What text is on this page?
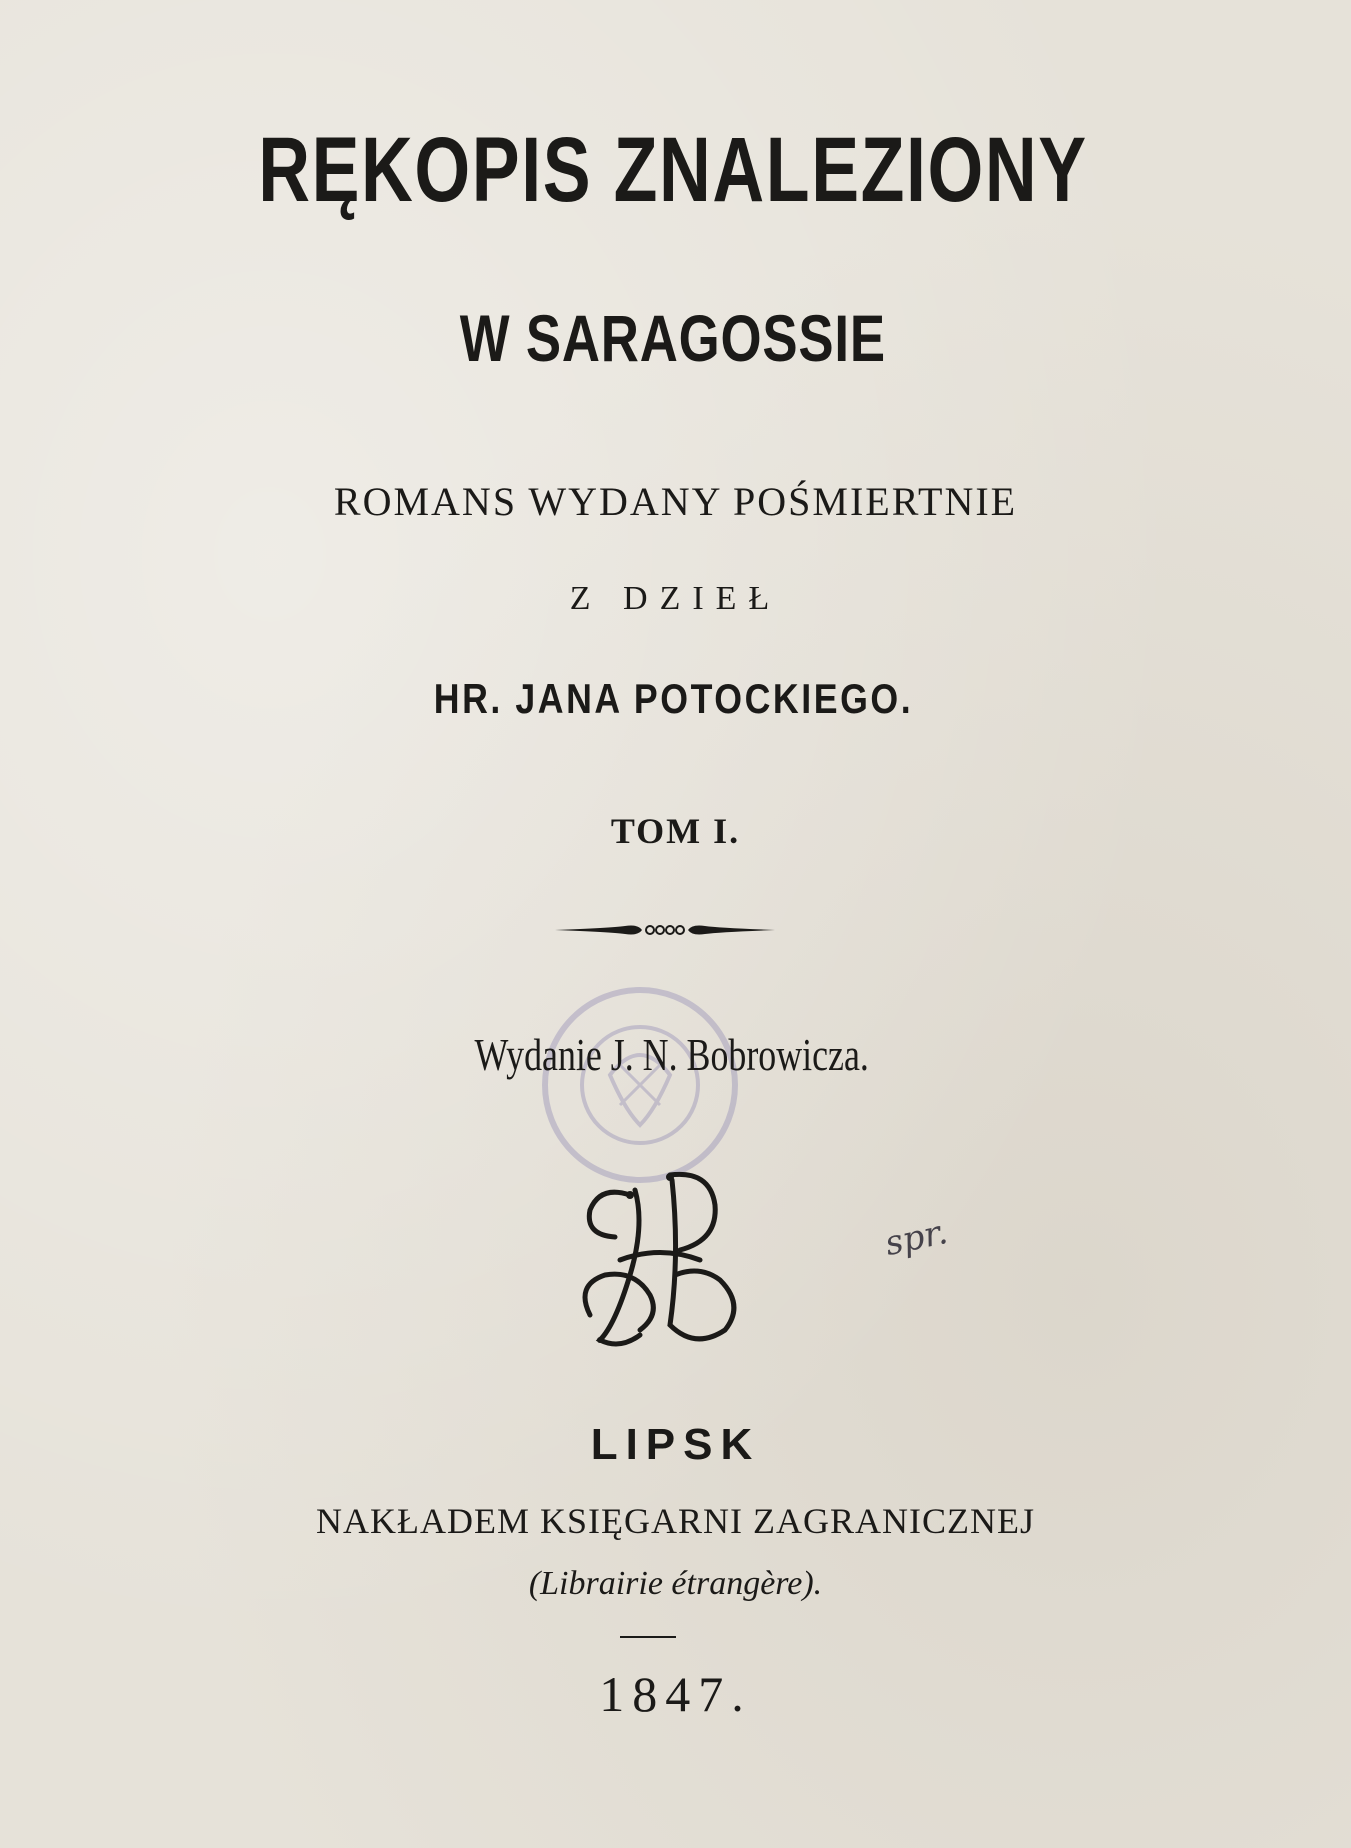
RĘKOPIS ZNALEZIONY
W SARAGOSSIE
ROMANS WYDANY POŚMIERTNIE
Z DZIEŁ
HR. JANA POTOCKIEGO.
TOM I.
Wydanie J. N. Bobrowicza.
spr.
LIPSK
NAKŁADEM KSIĘGARNI ZAGRANICZNEJ
(Librairie étrangère).
1847.
